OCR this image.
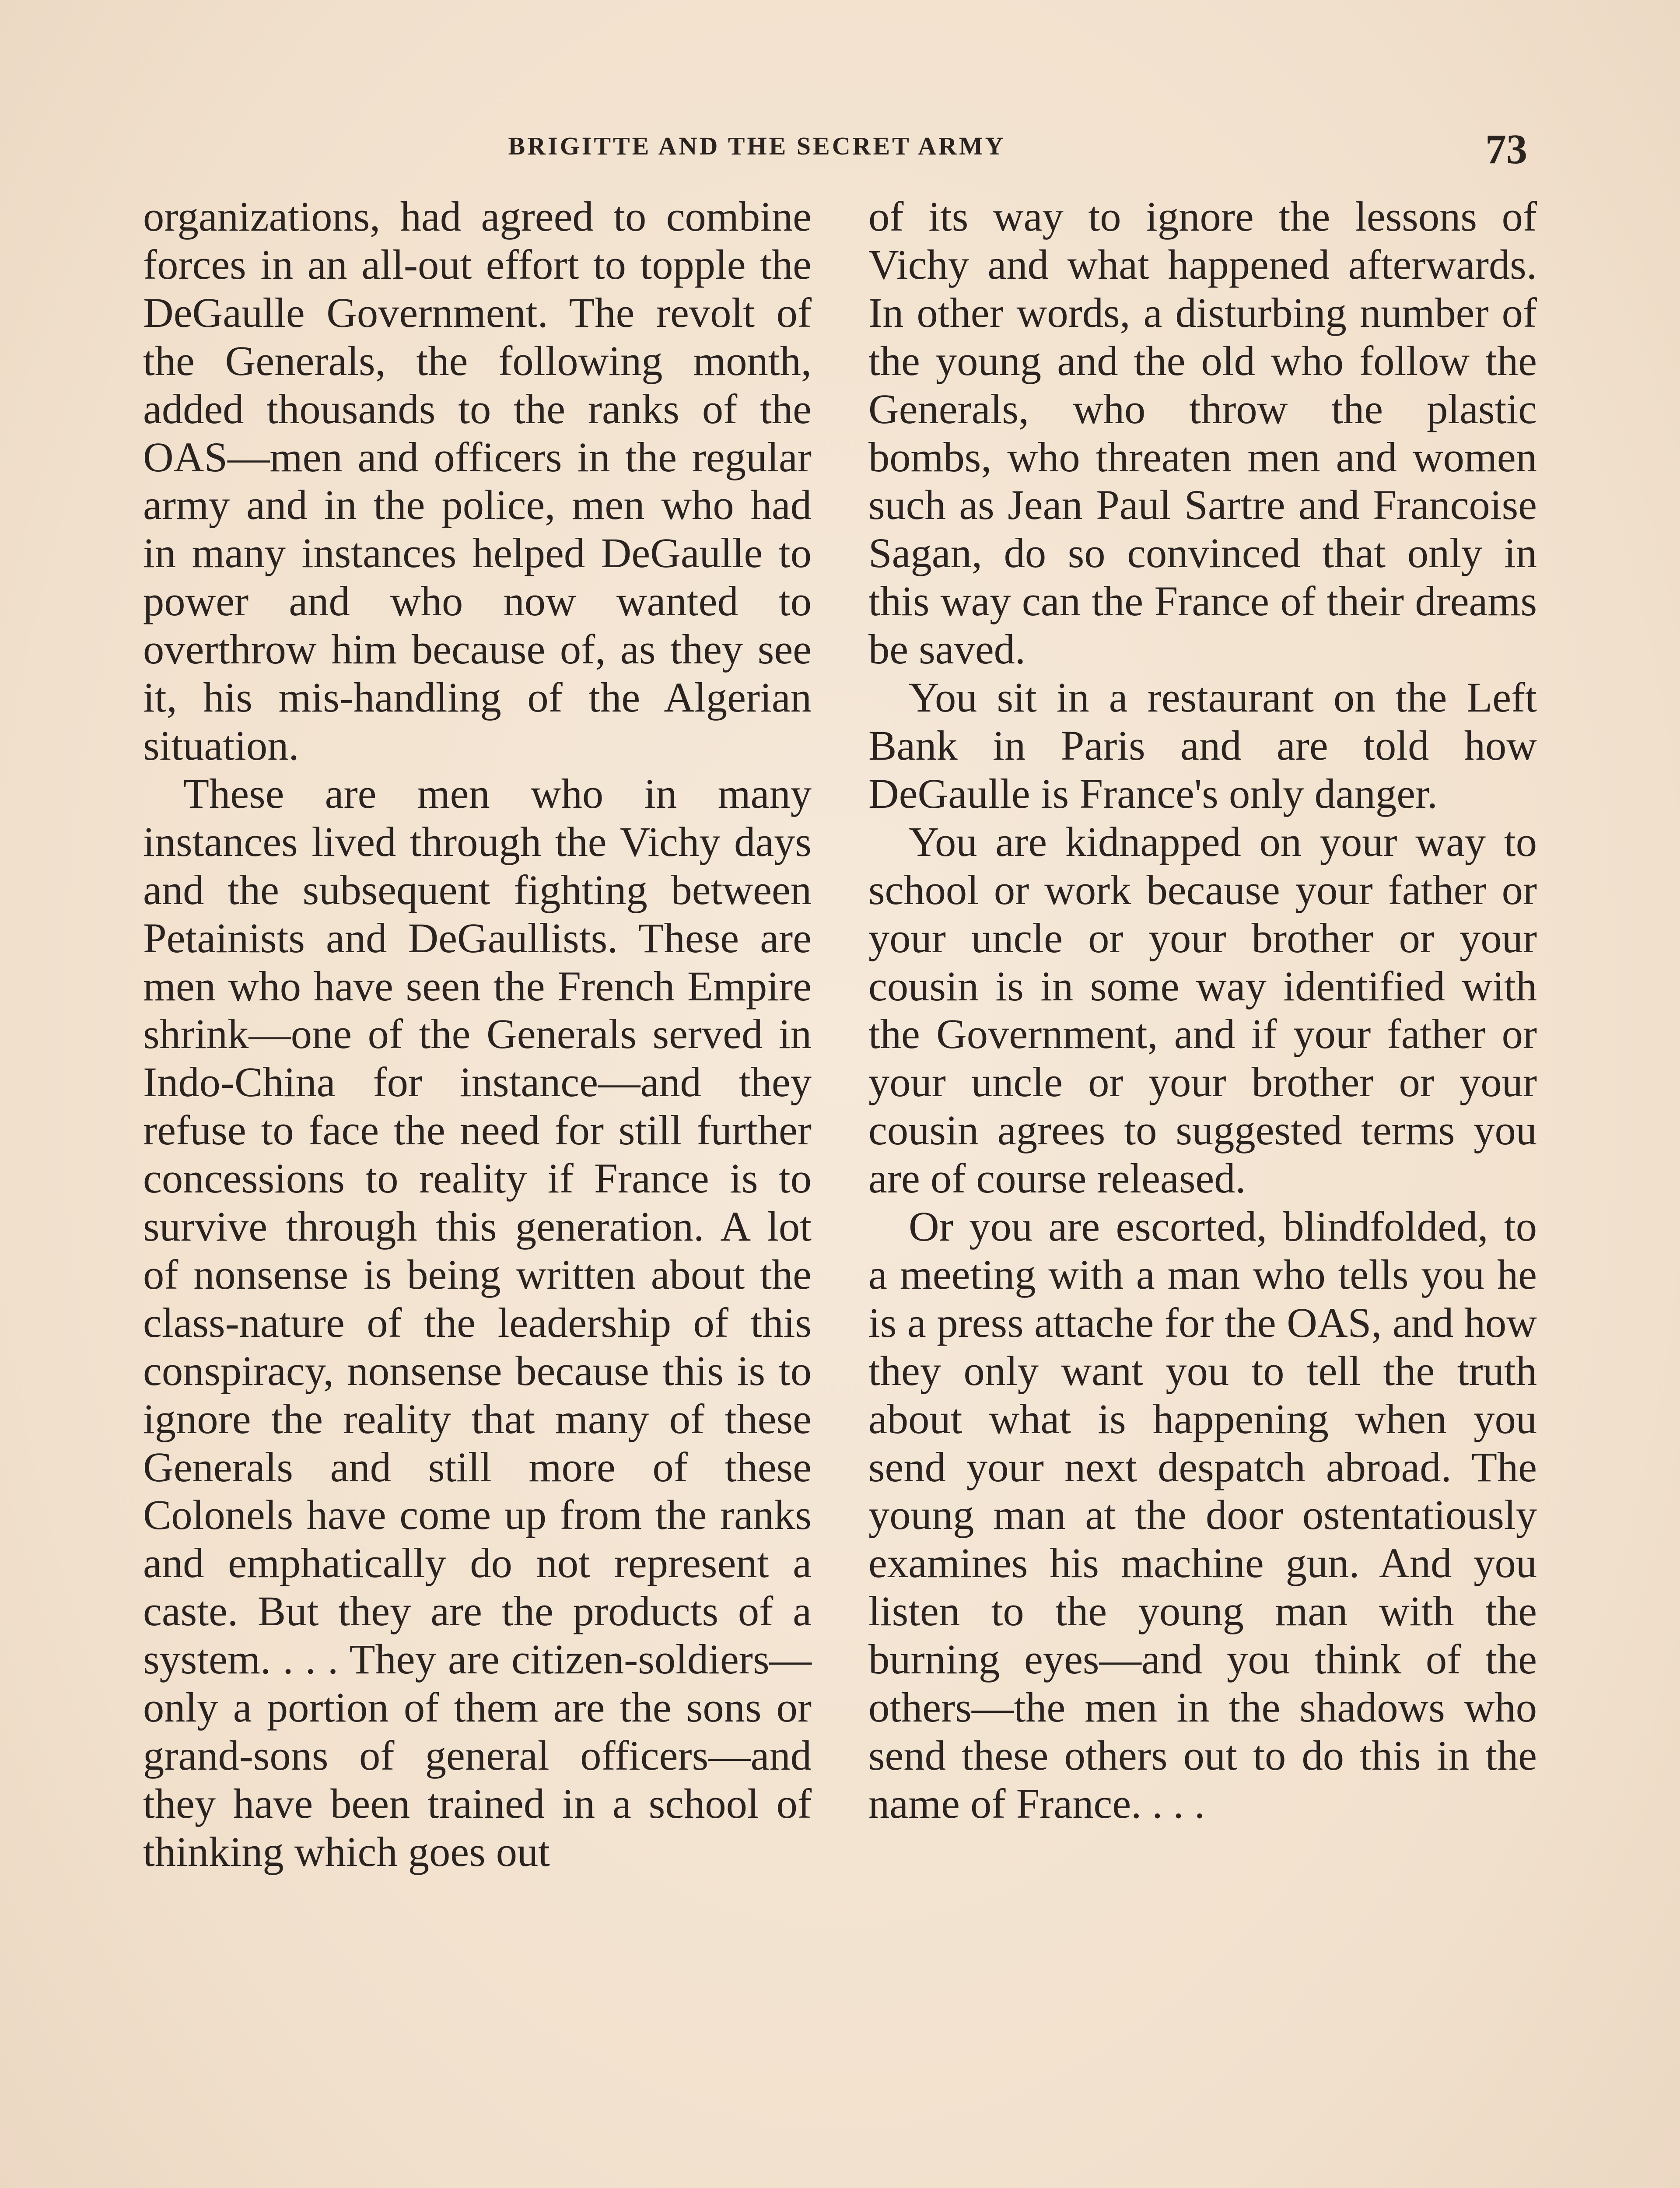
BRIGITTE AND THE SECRET ARMY	73

organizations, had agreed to combine forces in an all-out effort to topple the DeGaulle Government. The revolt of the Generals, the following month, added thousands to the ranks of the OAS—men and officers in the regular army and in the police, men who had in many instances helped DeGaulle to power and who now wanted to overthrow him because of, as they see it, his mis-handling of the Algerian situation.

These are men who in many instances lived through the Vichy days and the subsequent fighting between Petainists and DeGaullists. These are men who have seen the French Empire shrink—one of the Generals served in Indo-China for instance—and they refuse to face the need for still further concessions to reality if France is to survive through this generation. A lot of nonsense is being written about the class-nature of the leadership of this conspiracy, nonsense because this is to ignore the reality that many of these Generals and still more of these Colonels have come up from the ranks and emphatically do not represent a caste. But they are the products of a system. . . . They are citizen-soldiers—only a portion of them are the sons or grand-sons of general officers—and they have been trained in a school of thinking which goes out

of its way to ignore the lessons of Vichy and what happened afterwards. In other words, a disturbing number of the young and the old who follow the Generals, who throw the plastic bombs, who threaten men and women such as Jean Paul Sartre and Francoise Sagan, do so convinced that only in this way can the France of their dreams be saved.

You sit in a restaurant on the Left Bank in Paris and are told how DeGaulle is France's only danger.

You are kidnapped on your way to school or work because your father or your uncle or your brother or your cousin is in some way identified with the Government, and if your father or your uncle or your brother or your cousin agrees to suggested terms you are of course released.

Or you are escorted, blindfolded, to a meeting with a man who tells you he is a press attache for the OAS, and how they only want you to tell the truth about what is happening when you send your next despatch abroad. The young man at the door ostentatiously examines his machine gun. And you listen to the young man with the burning eyes—and you think of the others—the men in the shadows who send these others out to do this in the name of France. . . .
